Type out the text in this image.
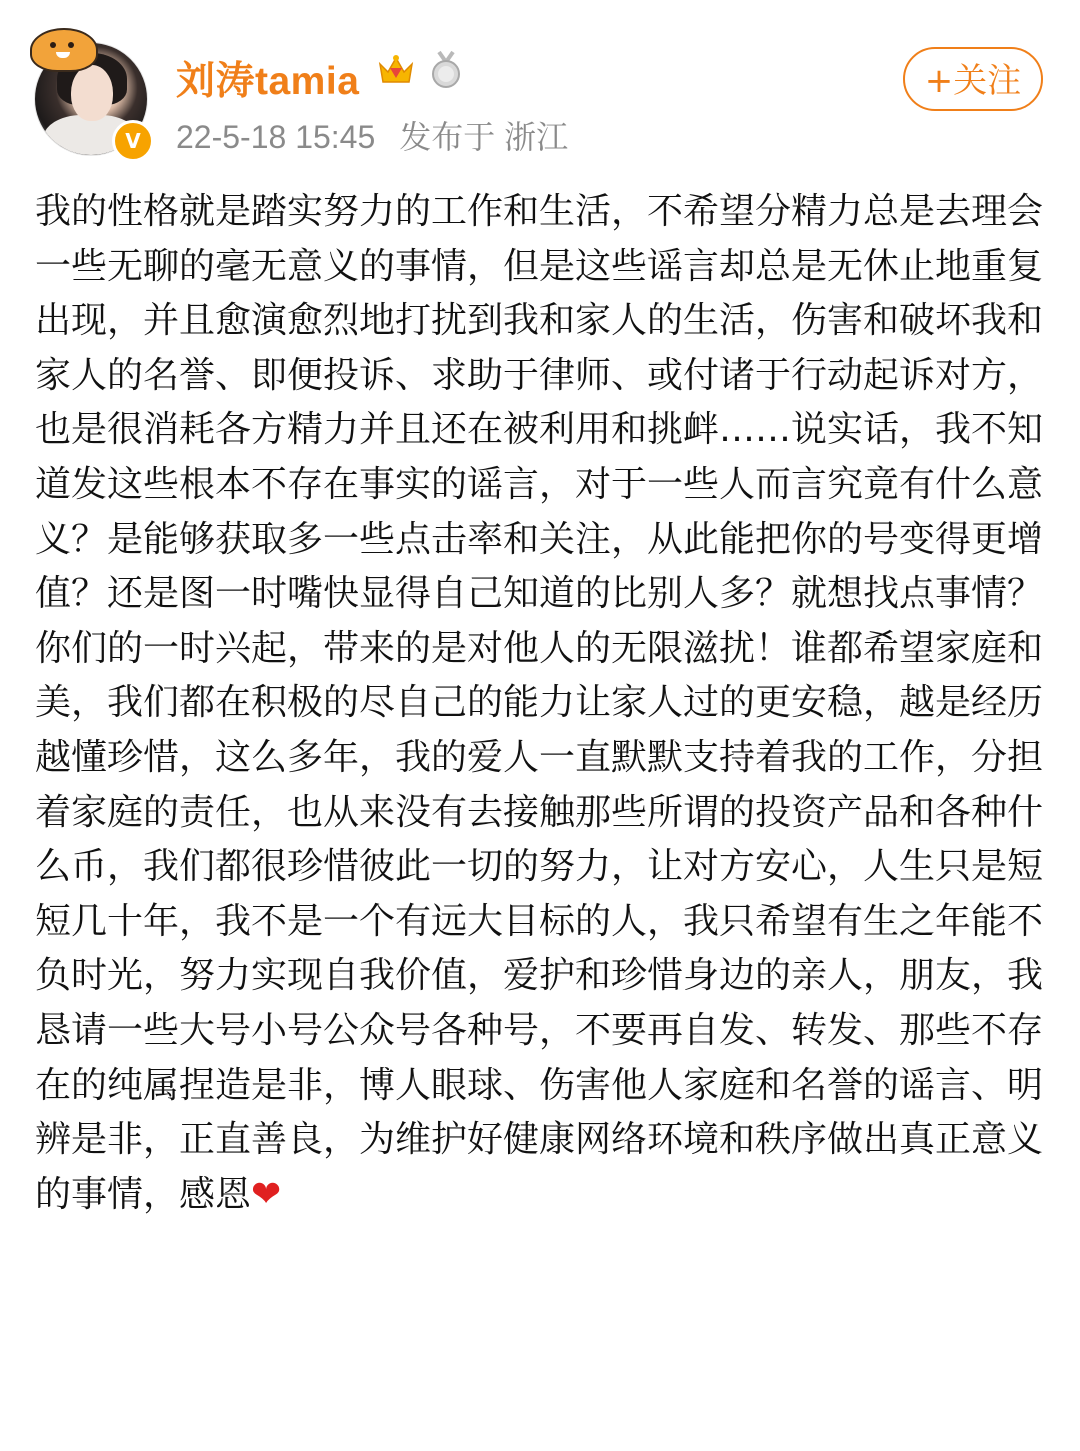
V
刘涛tamia
22-5-18 15:45 发布于 浙江
+关注

我的性格就是踏实努力的工作和生活，不希望分精力总是去理会一些无聊的毫无意义的事情，但是这些谣言却总是无休止地重复出现，并且愈演愈烈地打扰到我和家人的生活，伤害和破坏我和家人的名誉、即便投诉、求助于律师、或付诸于行动起诉对方，也是很消耗各方精力并且还在被利用和挑衅……说实话，我不知道发这些根本不存在事实的谣言，对于一些人而言究竟有什么意义？是能够获取多一些点击率和关注，从此能把你的号变得更增值？还是图一时嘴快显得自己知道的比别人多？就想找点事情？你们的一时兴起，带来的是对他人的无限滋扰！谁都希望家庭和美，我们都在积极的尽自己的能力让家人过的更安稳，越是经历越懂珍惜，这么多年，我的爱人一直默默支持着我的工作，分担着家庭的责任，也从来没有去接触那些所谓的投资产品和各种什么币，我们都很珍惜彼此一切的努力，让对方安心，人生只是短短几十年，我不是一个有远大目标的人，我只希望有生之年能不负时光，努力实现自我价值，爱护和珍惜身边的亲人，朋友，我恳请一些大号小号公众号各种号，不要再自发、转发、那些不存在的纯属捏造是非，博人眼球、伤害他人家庭和名誉的谣言、明辨是非，正直善良，为维护好健康网络环境和秩序做出真正意义的事情，感恩❤
